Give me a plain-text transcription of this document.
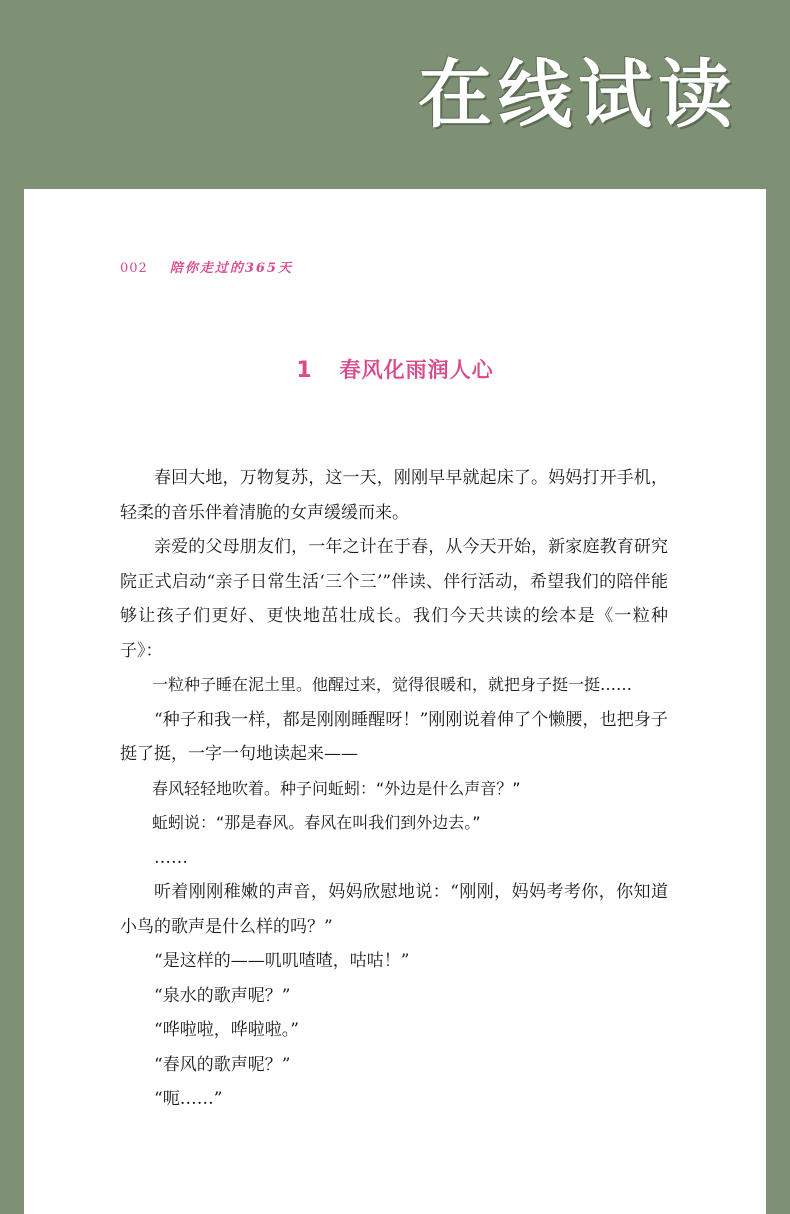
在线试读
002 陪你走过的365天
1 春风化雨润人心

春回大地，万物复苏，这一天，刚刚早早就起床了。妈妈打开手机，轻柔的音乐伴着清脆的女声缓缓而来。

亲爱的父母朋友们，一年之计在于春，从今天开始，新家庭教育研究院正式启动“亲子日常生活‘三个三’”伴读、伴行活动，希望我们的陪伴能够让孩子们更好、更快地茁壮成长。我们今天共读的绘本是《一粒种子》：

一粒种子睡在泥土里。他醒过来，觉得很暖和，就把身子挺一挺……

“种子和我一样，都是刚刚睡醒呀！”刚刚说着伸了个懒腰，也把身子挺了挺，一字一句地读起来——

春风轻轻地吹着。种子问蚯蚓：“外边是什么声音？”

蚯蚓说：“那是春风。春风在叫我们到外边去。”

……

听着刚刚稚嫩的声音，妈妈欣慰地说：“刚刚，妈妈考考你，你知道小鸟的歌声是什么样的吗？”

“是这样的——叽叽喳喳，咕咕！”

“泉水的歌声呢？”

“哗啦啦，哗啦啦。”

“春风的歌声呢？”

“呃……”
